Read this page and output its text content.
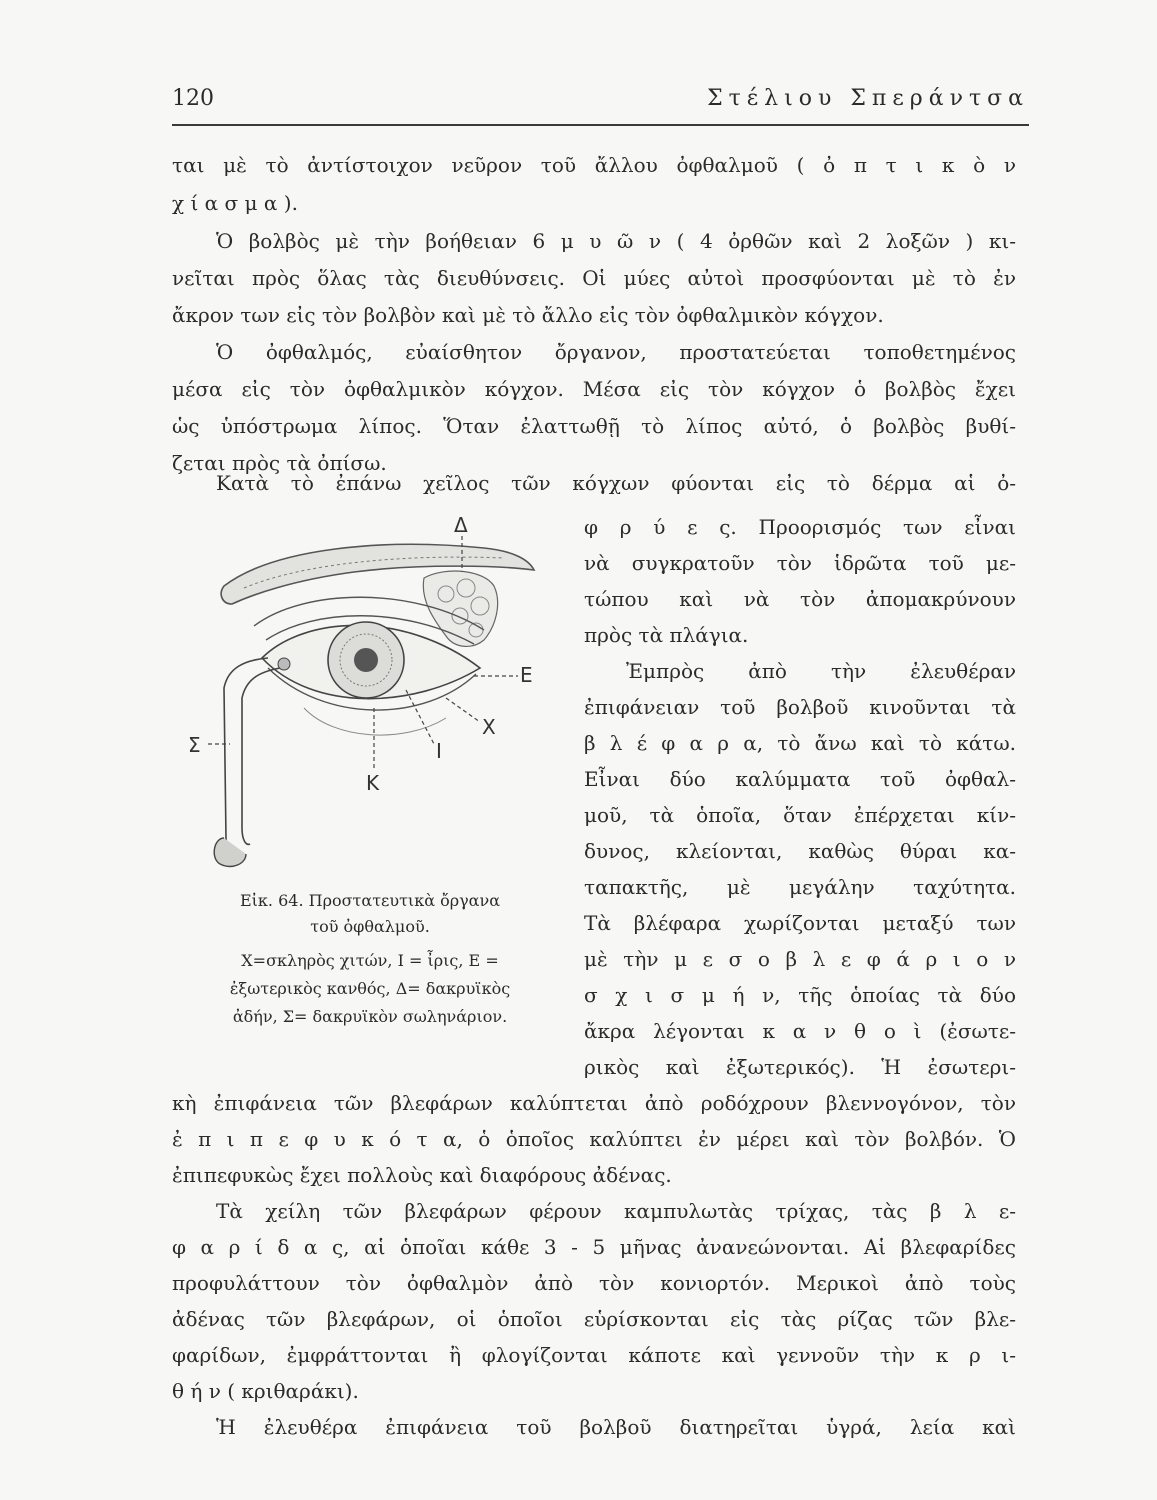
120	Στέλιου Σπεράντσα

ται μὲ τὸ ἀντίστοιχον νεῦρον τοῦ ἄλλου ὀφθαλμοῦ ( ὀ π τ ι κ ὸ ν

χ ί α σ μ α ).

Ὁ βολβὸς μὲ τὴν βοήθειαν 6 μ υ ῶ ν ( 4 ὀρθῶν καὶ 2 λοξῶν ) κι-

νεῖται πρὸς ὅλας τὰς διευθύνσεις. Οἱ μύες αὐτοὶ προσφύονται μὲ τὸ ἐν

ἄκρον των εἰς τὸν βολβὸν καὶ μὲ τὸ ἄλλο εἰς τὸν ὀφθαλμικὸν κόγχον.

Ὁ ὀφθαλμός, εὐαίσθητον ὄργανον, προστατεύεται τοποθετημένος

μέσα εἰς τὸν ὀφθαλμικὸν κόγχον. Μέσα εἰς τὸν κόγχον ὁ βολβὸς ἔχει

ὡς ὑπόστρωμα λίπος. Ὅταν ἐλαττωθῇ τὸ λίπος αὐτό, ὁ βολβὸς βυθί-

ζεται πρὸς τὰ ὀπίσω.

Κατὰ τὸ ἐπάνω χεῖλος τῶν κόγχων φύονται εἰς τὸ δέρμα αἱ ὀ-

Δ
Ε
Χ
Ι
Κ
Σ

Εἰκ. 64. Προστατευτικὰ ὄργανα

τοῦ ὀφθαλμοῦ.

Χ=σκληρὸς χιτών, Ι = ἶρις, Ε =

ἐξωτερικὸς κανθός, Δ= δακρυϊκὸς

ἀδήν, Σ= δακρυϊκὸν σωληνάριον.

φ ρ ύ ε ς. Προορισμός των εἶναι

νὰ συγκρατοῦν τὸν ἱδρῶτα τοῦ με-

τώπου καὶ νὰ τὸν ἀπομακρύνουν

πρὸς τὰ πλάγια.

Ἐμπρὸς ἀπὸ τὴν ἐλευθέραν

ἐπιφάνειαν τοῦ βολβοῦ κινοῦνται τὰ

β λ έ φ α ρ α, τὸ ἄνω καὶ τὸ κάτω.

Εἶναι δύο καλύμματα τοῦ ὀφθαλ-

μοῦ, τὰ ὁποῖα, ὅταν ἐπέρχεται κίν-

δυνος, κλείονται, καθὼς θύραι κα-

ταπακτῆς, μὲ μεγάλην ταχύτητα.

Τὰ βλέφαρα χωρίζονται μεταξύ των

μὲ τὴν μ ε σ ο β λ ε φ ά ρ ι ο ν

σ χ ι σ μ ή ν, τῆς ὁποίας τὰ δύο

ἄκρα λέγονται κ α ν θ ο ὶ (ἐσωτε-

ρικὸς καὶ ἐξωτερικός). Ἡ ἐσωτερι-

κὴ ἐπιφάνεια τῶν βλεφάρων καλύπτεται ἀπὸ ροδόχρουν βλεννογόνον, τὸν

ἐ π ι π ε φ υ κ ό τ α, ὁ ὁποῖος καλύπτει ἐν μέρει καὶ τὸν βολβόν. Ὁ

ἐπιπεφυκὼς ἔχει πολλοὺς καὶ διαφόρους ἀδένας.

Τὰ χείλη τῶν βλεφάρων φέρουν καμπυλωτὰς τρίχας, τὰς β λ ε-

φ α ρ ί δ α ς, αἱ ὁποῖαι κάθε 3 - 5 μῆνας ἀνανεώνονται. Αἱ βλεφαρίδες

προφυλάττουν τὸν ὀφθαλμὸν ἀπὸ τὸν κονιορτόν. Μερικοὶ ἀπὸ τοὺς

ἀδένας τῶν βλεφάρων, οἱ ὁποῖοι εὑρίσκονται εἰς τὰς ρίζας τῶν βλε-

φαρίδων, ἐμφράττονται ἢ φλογίζονται κάποτε καὶ γεννοῦν τὴν κ ρ ι-

θ ή ν ( κριθαράκι).

Ἡ ἐλευθέρα ἐπιφάνεια τοῦ βολβοῦ διατηρεῖται ὑγρά, λεία καὶ
